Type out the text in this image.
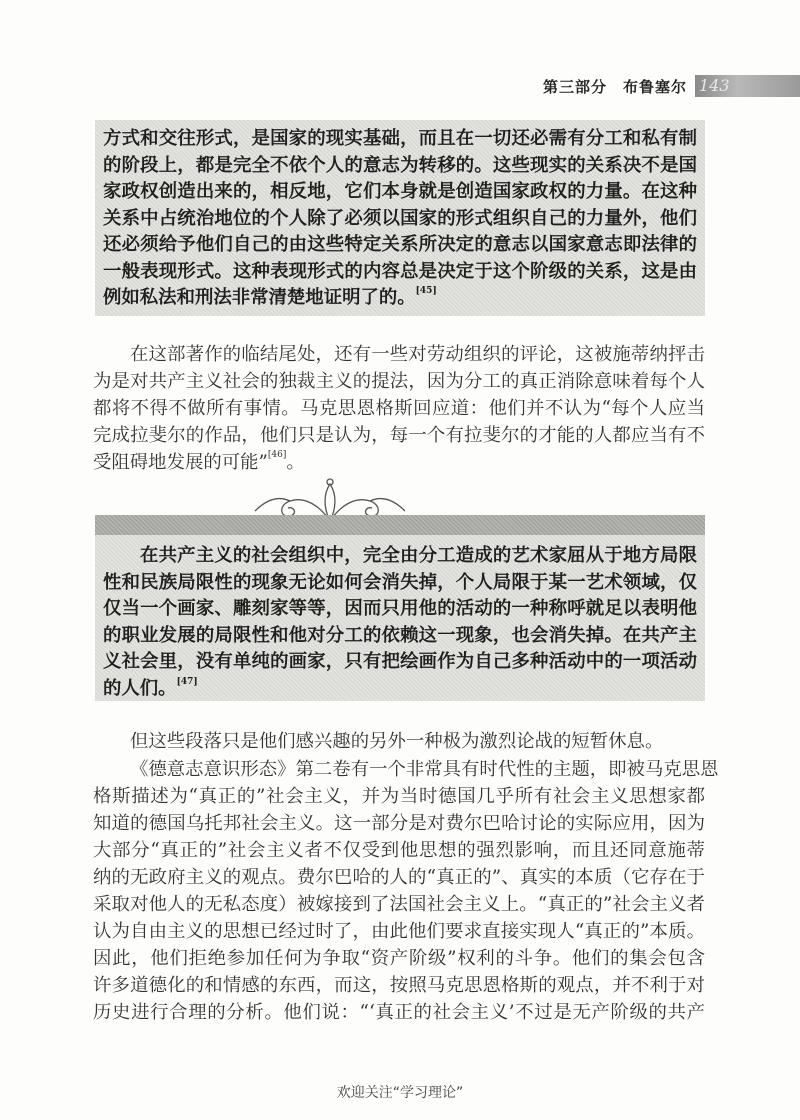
第三部分　布鲁塞尔 143
方式和交往形式，是国家的现实基础，而且在一切还必需有分工和私有制
的阶段上，都是完全不依个人的意志为转移的。这些现实的关系决不是国
家政权创造出来的，相反地，它们本身就是创造国家政权的力量。在这种
关系中占统治地位的个人除了必须以国家的形式组织自己的力量外，他们
还必须给予他们自己的由这些特定关系所决定的意志以国家意志即法律的
一般表现形式。这种表现形式的内容总是决定于这个阶级的关系，这是由
例如私法和刑法非常清楚地证明了的。[45]
在这部著作的临结尾处，还有一些对劳动组织的评论，这被施蒂纳抨击
为是对共产主义社会的独裁主义的提法，因为分工的真正消除意味着每个人
都将不得不做所有事情。马克思恩格斯回应道：他们并不认为“每个人应当
完成拉斐尔的作品，他们只是认为，每一个有拉斐尔的才能的人都应当有不
受阻碍地发展的可能”[46]。
在共产主义的社会组织中，完全由分工造成的艺术家屈从于地方局限
性和民族局限性的现象无论如何会消失掉，个人局限于某一艺术领域，仅
仅当一个画家、雕刻家等等，因而只用他的活动的一种称呼就足以表明他
的职业发展的局限性和他对分工的依赖这一现象，也会消失掉。在共产主
义社会里，没有单纯的画家，只有把绘画作为自己多种活动中的一项活动
的人们。[47]
但这些段落只是他们感兴趣的另外一种极为激烈论战的短暂休息。
《德意志意识形态》第二卷有一个非常具有时代性的主题，即被马克思恩
格斯描述为“真正的”社会主义，并为当时德国几乎所有社会主义思想家都
知道的德国乌托邦社会主义。这一部分是对费尔巴哈讨论的实际应用，因为
大部分“真正的”社会主义者不仅受到他思想的强烈影响，而且还同意施蒂
纳的无政府主义的观点。费尔巴哈的人的“真正的”、真实的本质（它存在于
采取对他人的无私态度）被嫁接到了法国社会主义上。“真正的”社会主义者
认为自由主义的思想已经过时了，由此他们要求直接实现人“真正的”本质。
因此，他们拒绝参加任何为争取“资产阶级”权利的斗争。他们的集会包含
许多道德化的和情感的东西，而这，按照马克思恩格斯的观点，并不利于对
历史进行合理的分析。他们说：“‘真正的社会主义’不过是无产阶级的共产
欢迎关注“学习理论”
